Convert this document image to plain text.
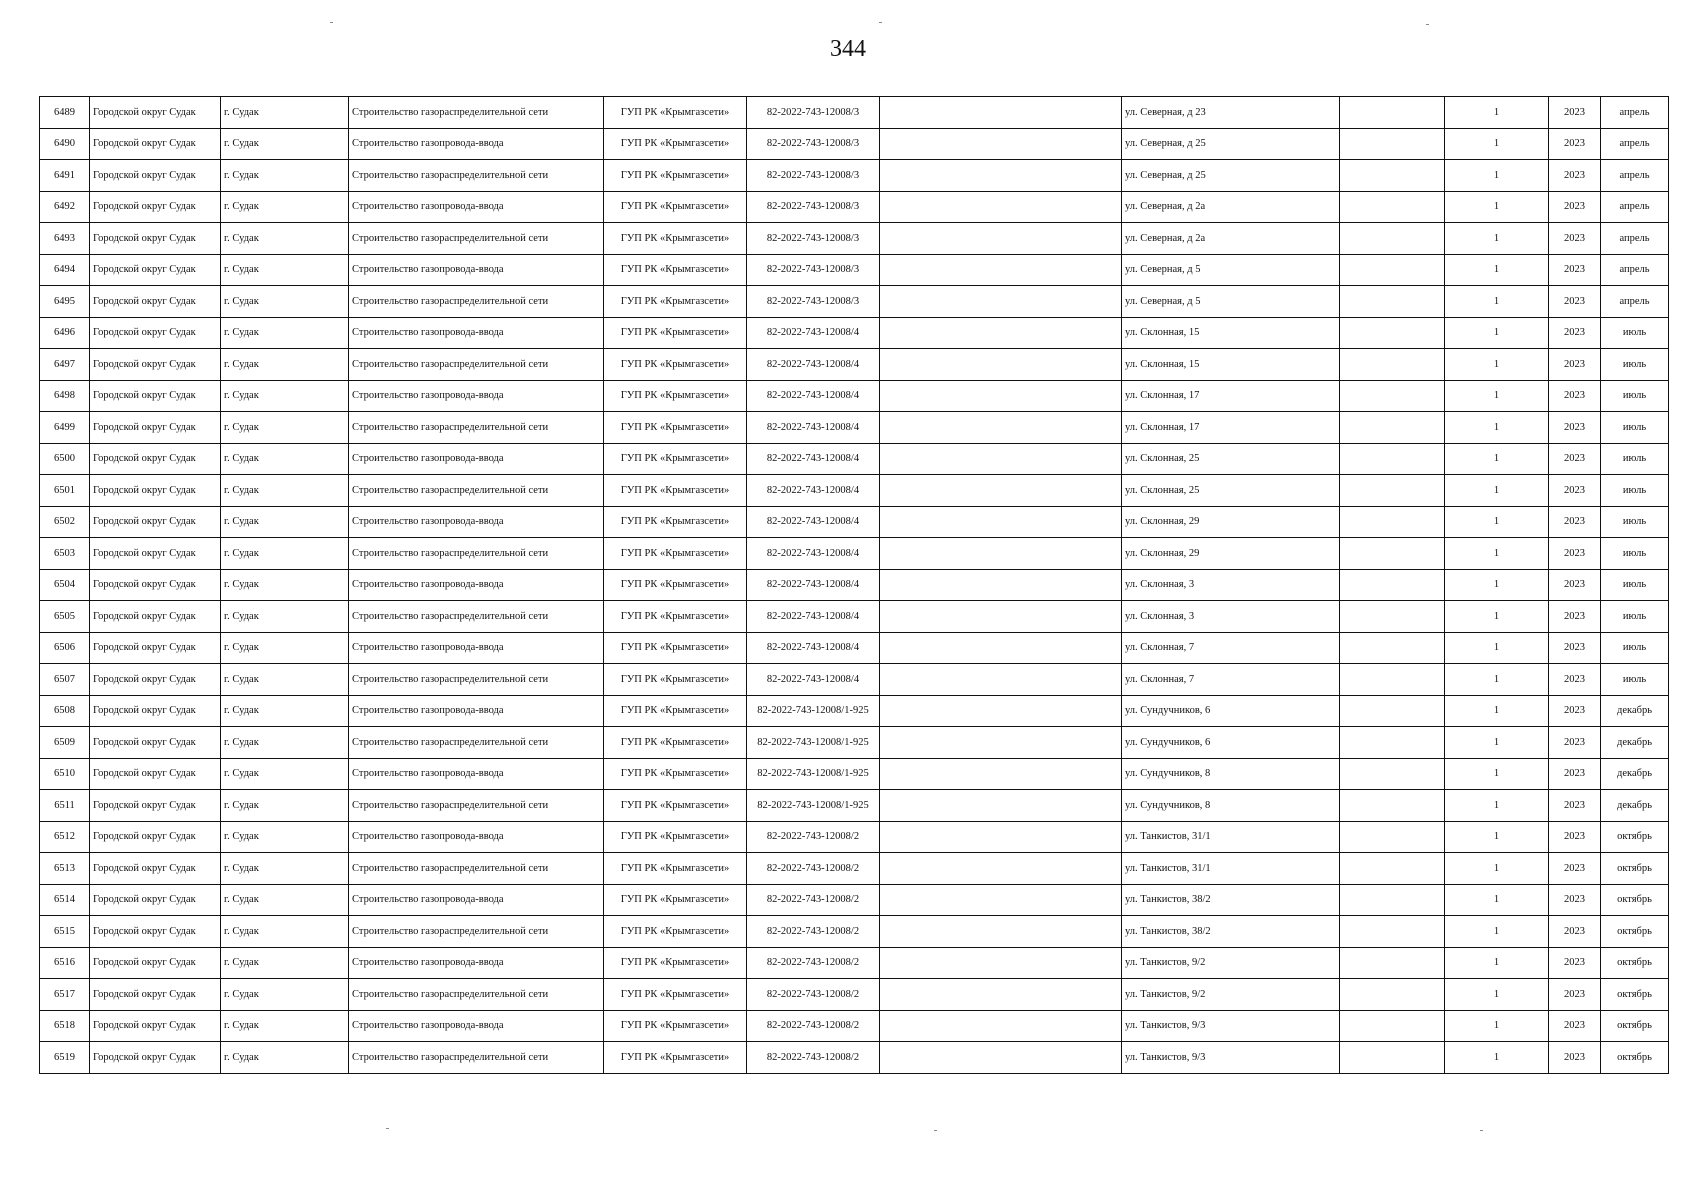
344
6489	Городской округ Судак	г. Судак	Строительство газораспределительной сети	ГУП РК «Крымгазсети»	82-2022-743-12008/3		ул. Северная, д 23		1	2023	апрель
6490	Городской округ Судак	г. Судак	Строительство газопровода-ввода	ГУП РК «Крымгазсети»	82-2022-743-12008/3		ул. Северная, д 25		1	2023	апрель
6491	Городской округ Судак	г. Судак	Строительство газораспределительной сети	ГУП РК «Крымгазсети»	82-2022-743-12008/3		ул. Северная, д 25		1	2023	апрель
6492	Городской округ Судак	г. Судак	Строительство газопровода-ввода	ГУП РК «Крымгазсети»	82-2022-743-12008/3		ул. Северная, д 2а		1	2023	апрель
6493	Городской округ Судак	г. Судак	Строительство газораспределительной сети	ГУП РК «Крымгазсети»	82-2022-743-12008/3		ул. Северная, д 2а		1	2023	апрель
6494	Городской округ Судак	г. Судак	Строительство газопровода-ввода	ГУП РК «Крымгазсети»	82-2022-743-12008/3		ул. Северная, д 5		1	2023	апрель
6495	Городской округ Судак	г. Судак	Строительство газораспределительной сети	ГУП РК «Крымгазсети»	82-2022-743-12008/3		ул. Северная, д 5		1	2023	апрель
6496	Городской округ Судак	г. Судак	Строительство газопровода-ввода	ГУП РК «Крымгазсети»	82-2022-743-12008/4		ул. Склонная, 15		1	2023	июль
6497	Городской округ Судак	г. Судак	Строительство газораспределительной сети	ГУП РК «Крымгазсети»	82-2022-743-12008/4		ул. Склонная, 15		1	2023	июль
6498	Городской округ Судак	г. Судак	Строительство газопровода-ввода	ГУП РК «Крымгазсети»	82-2022-743-12008/4		ул. Склонная, 17		1	2023	июль
6499	Городской округ Судак	г. Судак	Строительство газораспределительной сети	ГУП РК «Крымгазсети»	82-2022-743-12008/4		ул. Склонная, 17		1	2023	июль
6500	Городской округ Судак	г. Судак	Строительство газопровода-ввода	ГУП РК «Крымгазсети»	82-2022-743-12008/4		ул. Склонная, 25		1	2023	июль
6501	Городской округ Судак	г. Судак	Строительство газораспределительной сети	ГУП РК «Крымгазсети»	82-2022-743-12008/4		ул. Склонная, 25		1	2023	июль
6502	Городской округ Судак	г. Судак	Строительство газопровода-ввода	ГУП РК «Крымгазсети»	82-2022-743-12008/4		ул. Склонная, 29		1	2023	июль
6503	Городской округ Судак	г. Судак	Строительство газораспределительной сети	ГУП РК «Крымгазсети»	82-2022-743-12008/4		ул. Склонная, 29		1	2023	июль
6504	Городской округ Судак	г. Судак	Строительство газопровода-ввода	ГУП РК «Крымгазсети»	82-2022-743-12008/4		ул. Склонная, 3		1	2023	июль
6505	Городской округ Судак	г. Судак	Строительство газораспределительной сети	ГУП РК «Крымгазсети»	82-2022-743-12008/4		ул. Склонная, 3		1	2023	июль
6506	Городской округ Судак	г. Судак	Строительство газопровода-ввода	ГУП РК «Крымгазсети»	82-2022-743-12008/4		ул. Склонная, 7		1	2023	июль
6507	Городской округ Судак	г. Судак	Строительство газораспределительной сети	ГУП РК «Крымгазсети»	82-2022-743-12008/4		ул. Склонная, 7		1	2023	июль
6508	Городской округ Судак	г. Судак	Строительство газопровода-ввода	ГУП РК «Крымгазсети»	82-2022-743-12008/1-925		ул. Сундучников, 6		1	2023	декабрь
6509	Городской округ Судак	г. Судак	Строительство газораспределительной сети	ГУП РК «Крымгазсети»	82-2022-743-12008/1-925		ул. Сундучников, 6		1	2023	декабрь
6510	Городской округ Судак	г. Судак	Строительство газопровода-ввода	ГУП РК «Крымгазсети»	82-2022-743-12008/1-925		ул. Сундучников, 8		1	2023	декабрь
6511	Городской округ Судак	г. Судак	Строительство газораспределительной сети	ГУП РК «Крымгазсети»	82-2022-743-12008/1-925		ул. Сундучников, 8		1	2023	декабрь
6512	Городской округ Судак	г. Судак	Строительство газопровода-ввода	ГУП РК «Крымгазсети»	82-2022-743-12008/2		ул. Танкистов, 31/1		1	2023	октябрь
6513	Городской округ Судак	г. Судак	Строительство газораспределительной сети	ГУП РК «Крымгазсети»	82-2022-743-12008/2		ул. Танкистов, 31/1		1	2023	октябрь
6514	Городской округ Судак	г. Судак	Строительство газопровода-ввода	ГУП РК «Крымгазсети»	82-2022-743-12008/2		ул. Танкистов, 38/2		1	2023	октябрь
6515	Городской округ Судак	г. Судак	Строительство газораспределительной сети	ГУП РК «Крымгазсети»	82-2022-743-12008/2		ул. Танкистов, 38/2		1	2023	октябрь
6516	Городской округ Судак	г. Судак	Строительство газопровода-ввода	ГУП РК «Крымгазсети»	82-2022-743-12008/2		ул. Танкистов, 9/2		1	2023	октябрь
6517	Городской округ Судак	г. Судак	Строительство газораспределительной сети	ГУП РК «Крымгазсети»	82-2022-743-12008/2		ул. Танкистов, 9/2		1	2023	октябрь
6518	Городской округ Судак	г. Судак	Строительство газопровода-ввода	ГУП РК «Крымгазсети»	82-2022-743-12008/2		ул. Танкистов, 9/3		1	2023	октябрь
6519	Городской округ Судак	г. Судак	Строительство газораспределительной сети	ГУП РК «Крымгазсети»	82-2022-743-12008/2		ул. Танкистов, 9/3		1	2023	октябрь
